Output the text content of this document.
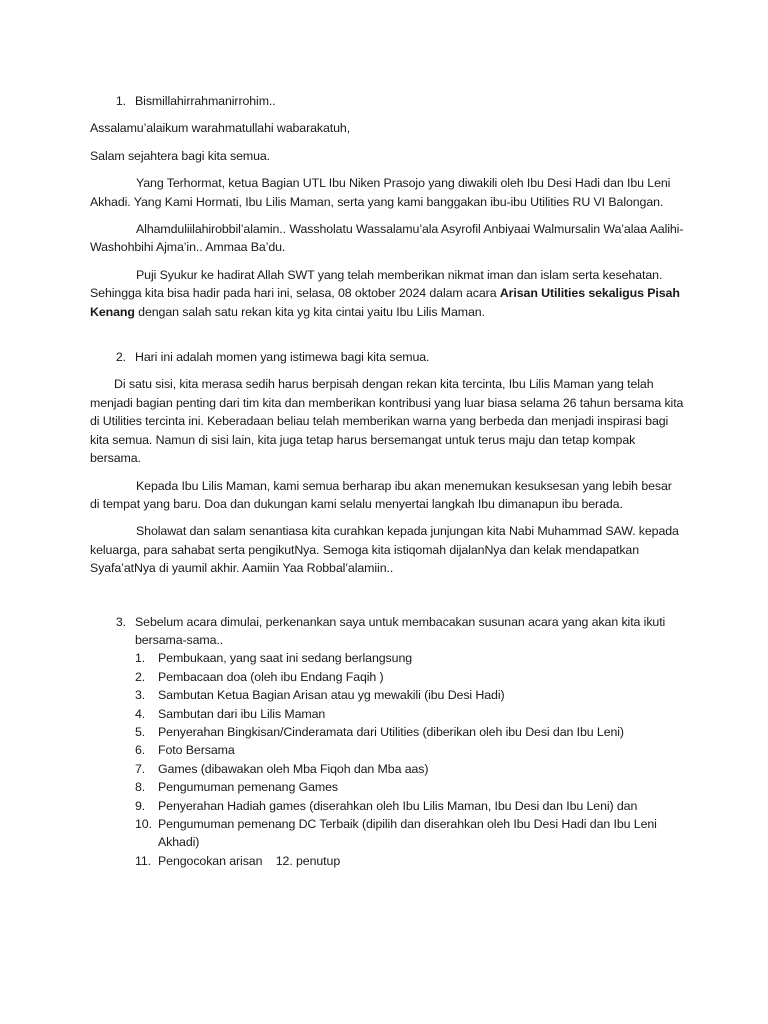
1. Bismillahirrahmanirrohim..

Assalamu’alaikum warahmatullahi wabarakatuh,

Salam sejahtera bagi kita semua.

Yang Terhormat, ketua Bagian UTL Ibu Niken Prasojo yang diwakili oleh Ibu Desi Hadi dan Ibu Leni Akhadi. Yang Kami Hormati, Ibu Lilis Maman, serta yang kami banggakan ibu-ibu Utilities RU VI Balongan.

Alhamduliilahirobbil’alamin.. Wassholatu Wassalamu’ala Asyrofil Anbiyaai Walmursalin Wa’alaa Aalihi- Washohbihi Ajma’in.. Ammaa Ba’du.

Puji Syukur ke hadirat Allah SWT yang telah memberikan nikmat iman dan islam serta kesehatan. Sehingga kita bisa hadir pada hari ini, selasa, 08 oktober 2024 dalam acara Arisan Utilities sekaligus Pisah Kenang dengan salah satu rekan kita yg kita cintai yaitu Ibu Lilis Maman.

2. Hari ini adalah momen yang istimewa bagi kita semua.

Di satu sisi, kita merasa sedih harus berpisah dengan rekan kita tercinta, Ibu Lilis Maman yang telah menjadi bagian penting dari tim kita dan memberikan kontribusi yang luar biasa selama 26 tahun bersama kita di Utilities tercinta ini. Keberadaan beliau telah memberikan warna yang berbeda dan menjadi inspirasi bagi kita semua. Namun di sisi lain, kita juga tetap harus bersemangat untuk terus maju dan tetap kompak bersama.

Kepada Ibu Lilis Maman, kami semua berharap ibu akan menemukan kesuksesan yang lebih besar di tempat yang baru. Doa dan dukungan kami selalu menyertai langkah Ibu dimanapun ibu berada.

Sholawat dan salam senantiasa kita curahkan kepada junjungan kita Nabi Muhammad SAW. kepada keluarga, para sahabat serta pengikutNya. Semoga kita istiqomah dijalanNya dan kelak mendapatkan Syafa’atNya di yaumil akhir. Aamiin Yaa Robbal’alamiin..

3. Sebelum acara dimulai, perkenankan saya untuk membacakan susunan acara yang akan kita ikuti bersama-sama..
1.	Pembukaan, yang saat ini sedang berlangsung
2.	Pembacaan doa (oleh ibu Endang Faqih )
3.	Sambutan Ketua Bagian Arisan atau yg mewakili (ibu Desi Hadi)
4.	Sambutan dari ibu Lilis Maman
5.	Penyerahan Bingkisan/Cinderamata dari Utilities (diberikan oleh ibu Desi dan Ibu Leni)
6.	Foto Bersama
7.	Games (dibawakan oleh Mba Fiqoh dan Mba aas)
8.	Pengumuman pemenang Games
9.	Penyerahan Hadiah games (diserahkan oleh Ibu Lilis Maman, Ibu Desi dan Ibu Leni) dan
10. Pengumuman pemenang DC Terbaik (dipilih dan diserahkan oleh Ibu Desi Hadi dan Ibu Leni Akhadi)
11. Pengocokan arisan    12. penutup
